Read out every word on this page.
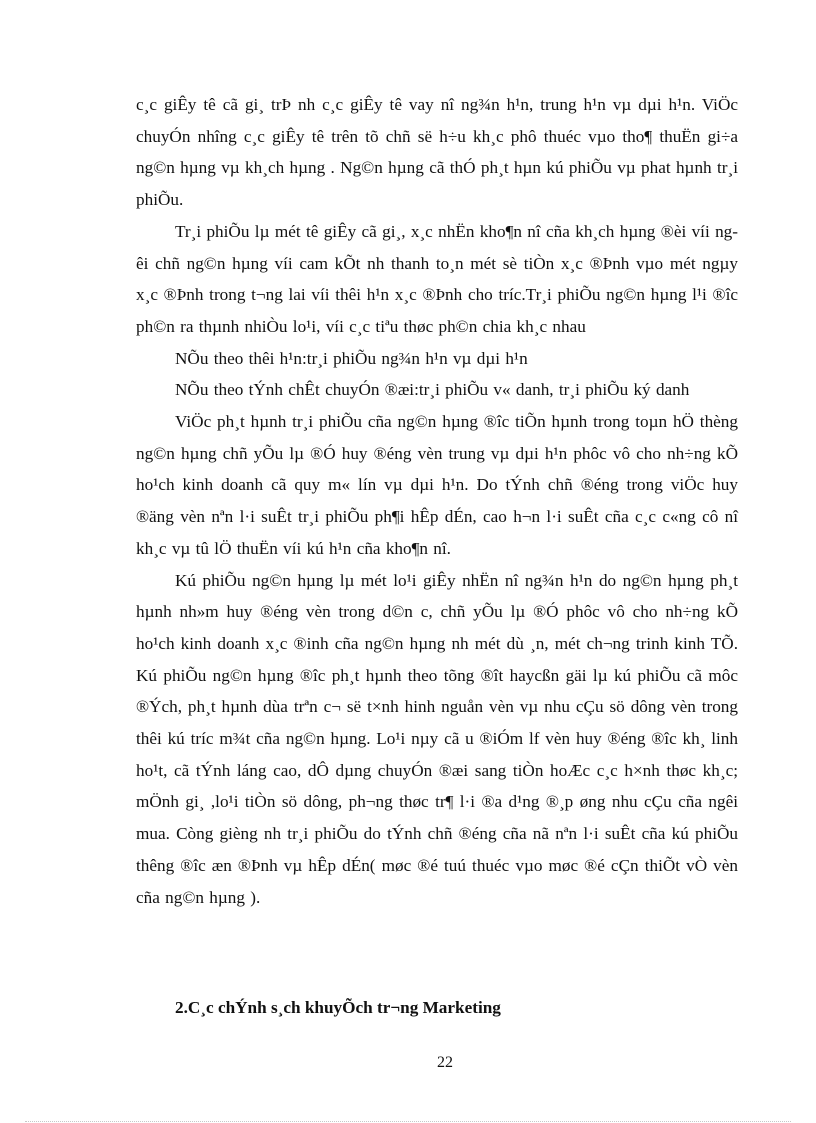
c¸c giÊy tê cã gi¸ trÞ nh c¸c giÊy tê vay nî ng¾n h¹n, trung h¹n vµ dµi h¹n. ViÖc chuyÓn nhîng c¸c giÊy tê trên tõ chñ së h÷u kh¸c phô thuéc vµo tho¶ thuËn gi÷a ng©n hµng vµ kh¸ch hµng . Ng©n hµng cã thÓ ph¸t hµn kú phiÕu vµ phat hµnh tr¸i phiÕu.

Tr¸i phiÕu lµ mét tê giÊy cã gi¸, x¸c nhËn kho¶n nî cña kh¸ch hµng ®èi víi ngêi chñ ng©n hµng víi cam kÕt nh thanh to¸n mét sè tiÒn x¸c ®Þnh vµo mét ngµy x¸c ®Þnh trong t¬ng lai víi thêi h¹n x¸c ®Þnh cho tríc.Tr¸i phiÕu ng©n hµng l¹i ®îc ph©n ra thµnh nhiÒu lo¹i, víi c¸c tiªu thøc ph©n chia kh¸c nhau

NÕu theo thêi h¹n:tr¸i phiÕu ng¾n h¹n vµ dµi h¹n

NÕu theo tÝnh chÊt chuyÓn ®æi:tr¸i phiÕu v« danh, tr¸i phiÕu ký danh

ViÖc ph¸t hµnh tr¸i phiÕu cña ng©n hµng ®îc tiÕn hµnh trong toµn hÖ thèng ng©n hµng chñ yÕu lµ ®Ó huy ®éng vèn trung vµ dµi h¹n phôc vô cho nh÷ng kÕ ho¹ch kinh doanh cã quy m« lín vµ dµi h¹n. Do tÝnh chñ ®éng trong viÖc huy ®äng vèn nªn l·i suÊt tr¸i phiÕu ph¶i hÊp dÉn, cao h¬n l·i suÊt cña c¸c c«ng cô nî kh¸c vµ tû lÖ thuËn víi kú h¹n cña kho¶n nî.

Kú phiÕu ng©n hµng lµ mét lo¹i giÊy nhËn nî ng¾n h¹n do ng©n hµng ph¸t hµnh nh»m huy ®éng vèn trong d©n c, chñ yÕu lµ ®Ó phôc vô cho nh÷ng kÕ ho¹ch kinh doanh x¸c ®inh cña ng©n hµng nh mét dù ¸n, mét ch¬ng trinh kinh TÕ. Kú phiÕu ng©n hµng ®îc ph¸t hµnh theo tõng ®ît haycßn gäi lµ kú phiÕu cã môc ®Ých, ph¸t hµnh dùa trªn c¬ së t×nh hinh nguån vèn vµ nhu cÇu sö dông vèn trong thêi kú tríc m¾t cña ng©n hµng. Lo¹i nµy cã u ®iÓm lf vèn huy ®éng ®îc kh¸ linh ho¹t, cã tÝnh láng cao, dÔ dµng chuyÓn ®æi sang tiÒn hoÆc c¸c h×nh thøc kh¸c; mÖnh gi¸ ,lo¹i tiÒn sö dông, ph¬ng thøc tr¶ l·i ®a d¹ng ®¸p øng nhu cÇu cña ngêi mua. Còng gièng nh tr¸i phiÕu do tÝnh chñ ®éng cña nã nªn l·i suÊt cña kú phiÕu thêng ®îc æn ®Þnh vµ hÊp dÉn( møc ®é tuú thuéc vµo møc ®é cÇn thiÕt vÒ vèn cña ng©n hµng ).

2.C¸c chÝnh s¸ch khuyÕch tr¬ng Marketing
22
